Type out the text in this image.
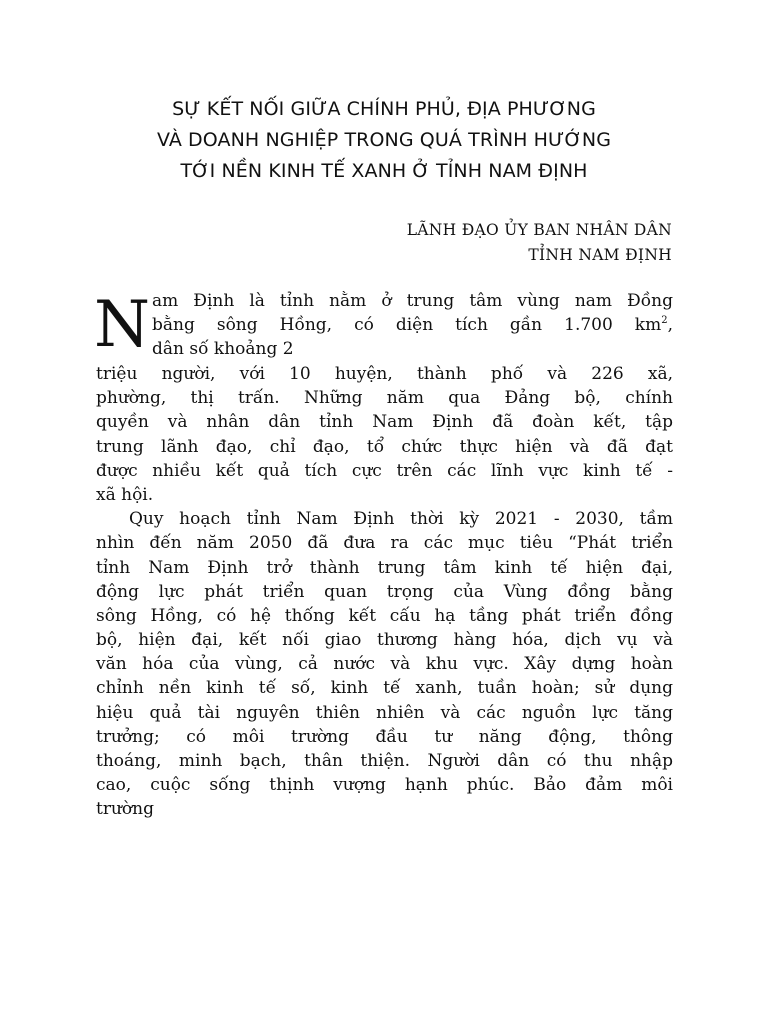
SỰ KẾT NỐI GIỮA CHÍNH PHỦ, ĐỊA PHƯƠNG
VÀ DOANH NGHIỆP TRONG QUÁ TRÌNH HƯỚNG
TỚI NỀN KINH TẾ XANH Ở TỈNH NAM ĐỊNH
LÃNH ĐẠO ỦY BAN NHÂN DÂN
TỈNH NAM ĐỊNH
N am Định là tỉnh nằm ở trung tâm vùng nam Đồng
bằng sông Hồng, có diện tích gần 1.700 $km^2$,
dân số khoảng 2
triệu người, với 10 huyện, thành phố và 226 xã,
phường, thị trấn. Những năm qua Đảng bộ, chính
quyền và nhân dân tỉnh Nam Định đã đoàn kết, tập
trung lãnh đạo, chỉ đạo, tổ chức thực hiện và đã đạt
được nhiều kết quả tích cực trên các lĩnh vực kinh tế -
xã hội.
Quy hoạch tỉnh Nam Định thời kỳ 2021 - 2030, tầm
nhìn đến năm 2050 đã đưa ra các mục tiêu “Phát triển
tỉnh Nam Định trở thành trung tâm kinh tế hiện đại,
động lực phát triển quan trọng của Vùng đồng bằng
sông Hồng, có hệ thống kết cấu hạ tầng phát triển đồng
bộ, hiện đại, kết nối giao thương hàng hóa, dịch vụ và
văn hóa của vùng, cả nước và khu vực. Xây dựng hoàn
chỉnh nền kinh tế số, kinh tế xanh, tuần hoàn; sử dụng
hiệu quả tài nguyên thiên nhiên và các nguồn lực tăng
trưởng; có môi trường đầu tư năng động, thông
thoáng, minh bạch, thân thiện. Người dân có thu nhập
cao, cuộc sống thịnh vượng hạnh phúc. Bảo đảm môi
trường
